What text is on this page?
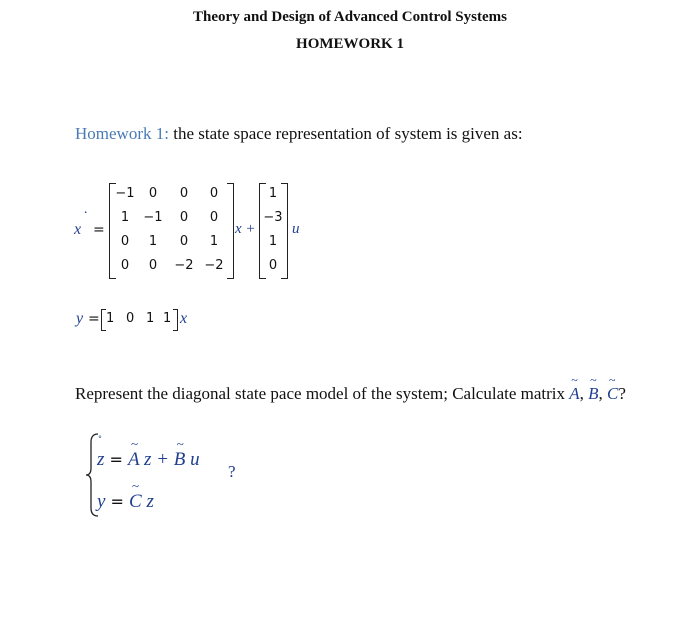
Theory and Design of Advanced Control Systems
HOMEWORK 1
Homework 1: the state space representation of system is given as:
x
˙
=
−1	0	0	0
1	−1	0	0
0	1	0	1
0	0	−2 −2
x +
1
−3
1
0
u
y = 1 0 1 1 x
Represent the diagonal state pace model of the system; Calculate matrix
~
A,
~
B,
~
C?
˚
z =
~
A z +
~
B u
y =
~
C z
?
